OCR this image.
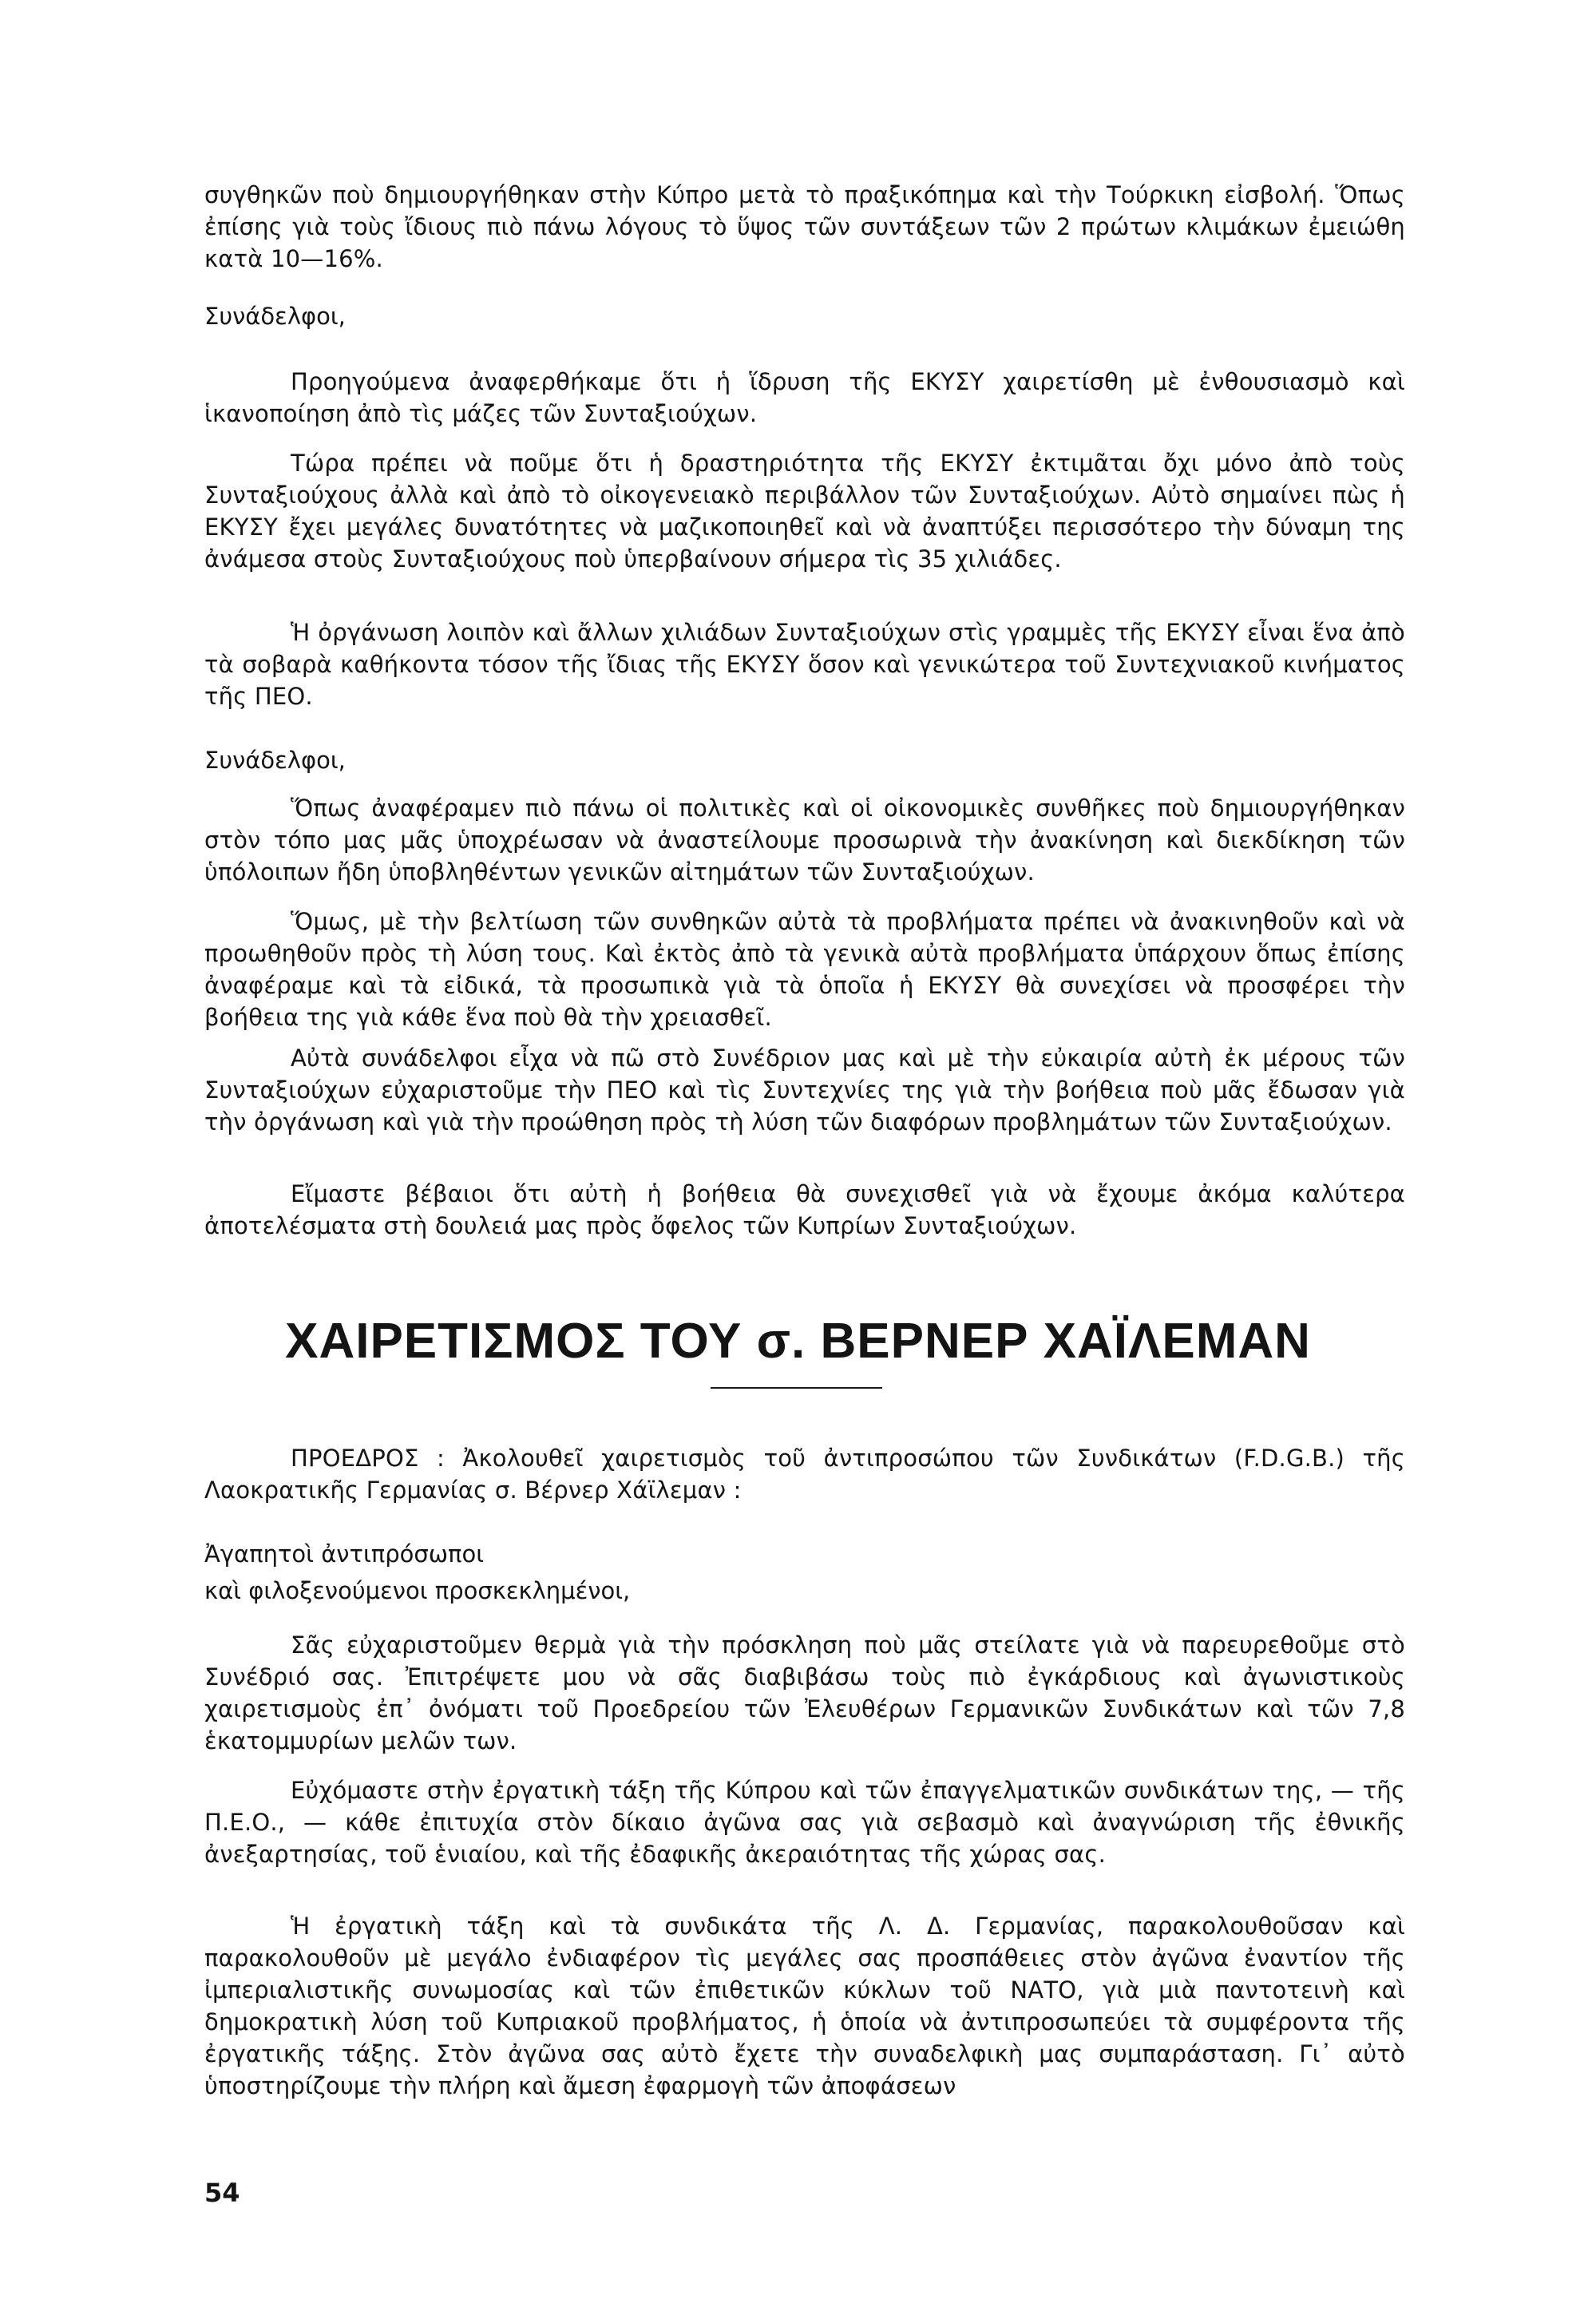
συγθηκῶν ποὺ δημιουργήθηκαν στὴν Κύπρο μετὰ τὸ πραξικόπημα καὶ τὴν Τούρκικη εἰσβολή. Ὅπως ἐπίσης γιὰ τοὺς ἴδιους πιὸ πάνω λόγους τὸ ὕψος τῶν συντάξεων τῶν 2 πρώτων κλιμάκων ἐμειώθη κατὰ 10—16%.

Συνάδελφοι,

Προηγούμενα ἀναφερθήκαμε ὅτι ἡ ἵδρυση τῆς ΕΚΥΣΥ χαιρετίσθη μὲ ἐνθουσιασμὸ καὶ ἱκανοποίηση ἀπὸ τὶς μάζες τῶν Συνταξιούχων.

Τώρα πρέπει νὰ ποῦμε ὅτι ἡ δραστηριότητα τῆς ΕΚΥΣΥ ἐκτιμᾶται ὄχι μόνο ἀπὸ τοὺς Συνταξιούχους ἀλλὰ καὶ ἀπὸ τὸ οἰκογενειακὸ περιβάλλον τῶν Συνταξιούχων. Αὐτὸ σημαίνει πὼς ἡ ΕΚΥΣΥ ἔχει μεγάλες δυνατότητες νὰ μαζικοποιηθεῖ καὶ νὰ ἀναπτύξει περισσότερο τὴν δύναμη της ἀνάμεσα στοὺς Συνταξιούχους ποὺ ὑπερβαίνουν σήμερα τὶς 35 χιλιάδες.

Ἡ ὀργάνωση λοιπὸν καὶ ἄλλων χιλιάδων Συνταξιούχων στὶς γραμμὲς τῆς ΕΚΥΣΥ εἶναι ἕνα ἀπὸ τὰ σοβαρὰ καθήκοντα τόσον τῆς ἴδιας τῆς ΕΚΥΣΥ ὅσον καὶ γενικώτερα τοῦ Συντεχνιακοῦ κινήματος τῆς ΠΕΟ.

Συνάδελφοι,

Ὅπως ἀναφέραμεν πιὸ πάνω οἱ πολιτικὲς καὶ οἱ οἰκονομικὲς συνθῆκες ποὺ δημιουργήθηκαν στὸν τόπο μας μᾶς ὑποχρέωσαν νὰ ἀναστείλουμε προσωρινὰ τὴν ἀνακίνηση καὶ διεκδίκηση τῶν ὑπόλοιπων ἤδη ὑποβληθέντων γενικῶν αἰτημάτων τῶν Συνταξιούχων.

Ὅμως, μὲ τὴν βελτίωση τῶν συνθηκῶν αὐτὰ τὰ προβλήματα πρέπει νὰ ἀνακινηθοῦν καὶ νὰ προωθηθοῦν πρὸς τὴ λύση τους. Καὶ ἐκτὸς ἀπὸ τὰ γενικὰ αὐτὰ προβλήματα ὑπάρχουν ὅπως ἐπίσης ἀναφέραμε καὶ τὰ εἰδικά, τὰ προσωπικὰ γιὰ τὰ ὁποῖα ἡ ΕΚΥΣΥ θὰ συνεχίσει νὰ προσφέρει τὴν βοήθεια της γιὰ κάθε ἕνα ποὺ θὰ τὴν χρειασθεῖ.

Αὐτὰ συνάδελφοι εἶχα νὰ πῶ στὸ Συνέδριον μας καὶ μὲ τὴν εὐκαιρία αὐτὴ ἐκ μέρους τῶν Συνταξιούχων εὐχαριστοῦμε τὴν ΠΕΟ καὶ τὶς Συντεχνίες της γιὰ τὴν βοήθεια ποὺ μᾶς ἔδωσαν γιὰ τὴν ὀργάνωση καὶ γιὰ τὴν προώθηση πρὸς τὴ λύση τῶν διαφόρων προβλημάτων τῶν Συνταξιούχων.

Εἴμαστε βέβαιοι ὅτι αὐτὴ ἡ βοήθεια θὰ συνεχισθεῖ γιὰ νὰ ἔχουμε ἀκόμα καλύτερα ἀποτελέσματα στὴ δουλειά μας πρὸς ὄφελος τῶν Κυπρίων Συνταξιούχων.

ΧΑΙΡΕΤΙΣΜΟΣ ΤΟΥ σ. ΒΕΡΝΕΡ ΧΑΪΛΕΜΑΝ

ΠΡΟΕΔΡΟΣ : Ἀκολουθεῖ χαιρετισμὸς τοῦ ἀντιπροσώπου τῶν Συνδικάτων (F.D.G.B.) τῆς Λαοκρατικῆς Γερμανίας σ. Βέρνερ Χάϊλεμαν :

Ἀγαπητοὶ ἀντιπρόσωποι

καὶ φιλοξενούμενοι προσκεκλημένοι,

Σᾶς εὐχαριστοῦμεν θερμὰ γιὰ τὴν πρόσκληση ποὺ μᾶς στείλατε γιὰ νὰ παρευρεθοῦμε στὸ Συνέδριό σας. Ἐπιτρέψετε μου νὰ σᾶς διαβιβάσω τοὺς πιὸ ἐγκάρδιους καὶ ἀγωνιστικοὺς χαιρετισμοὺς ἐπ᾿ ὀνόματι τοῦ Προεδρείου τῶν Ἐλευθέρων Γερμανικῶν Συνδικάτων καὶ τῶν 7,8 ἑκατομμυρίων μελῶν των.

Εὐχόμαστε στὴν ἐργατικὴ τάξη τῆς Κύπρου καὶ τῶν ἐπαγγελματικῶν συνδικάτων της, — τῆς Π.Ε.Ο., — κάθε ἐπιτυχία στὸν δίκαιο ἀγῶνα σας γιὰ σεβασμὸ καὶ ἀναγνώριση τῆς ἐθνικῆς ἀνεξαρτησίας, τοῦ ἑνιαίου, καὶ τῆς ἐδαφικῆς ἀκεραιότητας τῆς χώρας σας.

Ἡ ἐργατικὴ τάξη καὶ τὰ συνδικάτα τῆς Λ. Δ. Γερμανίας, παρακολουθοῦσαν καὶ παρακολουθοῦν μὲ μεγάλο ἐνδιαφέρον τὶς μεγάλες σας προσπάθειες στὸν ἀγῶνα ἐναντίον τῆς ἰμπεριαλιστικῆς συνωμοσίας καὶ τῶν ἐπιθετικῶν κύκλων τοῦ ΝΑΤΟ, γιὰ μιὰ παντοτεινὴ καὶ δημοκρατικὴ λύση τοῦ Κυπριακοῦ προβλήματος, ἡ ὁποία νὰ ἀντιπροσωπεύει τὰ συμφέροντα τῆς ἐργατικῆς τάξης. Στὸν ἀγῶνα σας αὐτὸ ἔχετε τὴν συναδελφικὴ μας συμπαράσταση. Γι᾿ αὐτὸ ὑποστηρίζουμε τὴν πλήρη καὶ ἄμεση ἐφαρμογὴ τῶν ἀποφάσεων

54
